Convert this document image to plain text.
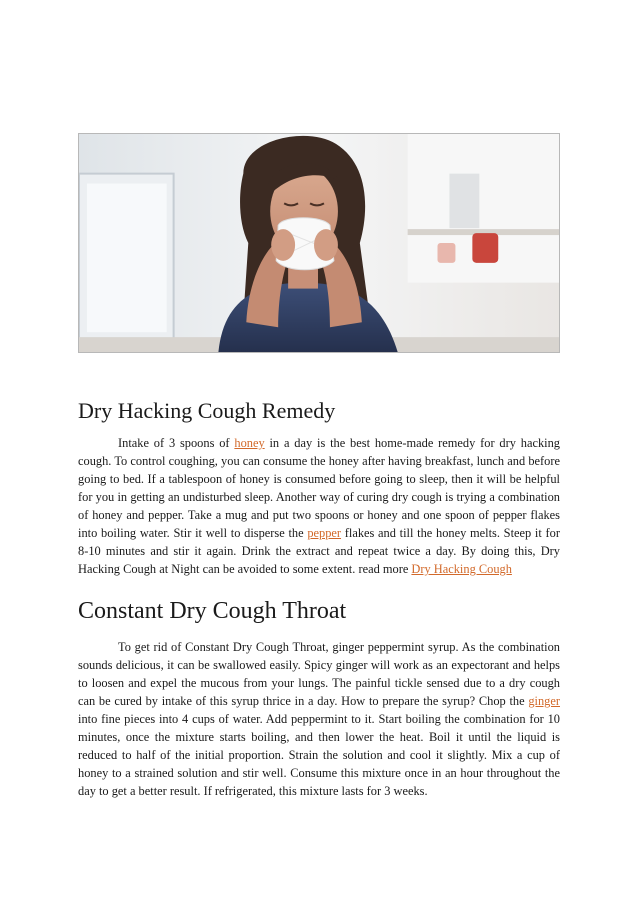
Dry Hacking Cough Remedy

Intake of 3 spoons of honey in a day is the best home-made remedy for dry hacking cough. To control coughing, you can consume the honey after having breakfast, lunch and before going to bed. If a tablespoon of honey is consumed before going to sleep, then it will be helpful for you in getting an undisturbed sleep. Another way of curing dry cough is trying a combination of honey and pepper. Take a mug and put two spoons or honey and one spoon of pepper flakes into boiling water. Stir it well to disperse the pepper flakes and till the honey melts. Steep it for 8-10 minutes and stir it again. Drink the extract and repeat twice a day. By doing this, Dry Hacking Cough at Night can be avoided to some extent. read more Dry Hacking Cough

Constant Dry Cough Throat

To get rid of Constant Dry Cough Throat, ginger peppermint syrup. As the combination sounds delicious, it can be swallowed easily. Spicy ginger will work as an expectorant and helps to loosen and expel the mucous from your lungs. The painful tickle sensed due to a dry cough can be cured by intake of this syrup thrice in a day. How to prepare the syrup? Chop the ginger into fine pieces into 4 cups of water. Add peppermint to it. Start boiling the combination for 10 minutes, once the mixture starts boiling, and then lower the heat. Boil it until the liquid is reduced to half of the initial proportion. Strain the solution and cool it slightly. Mix a cup of honey to a strained solution and stir well. Consume this mixture once in an hour throughout the day to get a better result. If refrigerated, this mixture lasts for 3 weeks.
